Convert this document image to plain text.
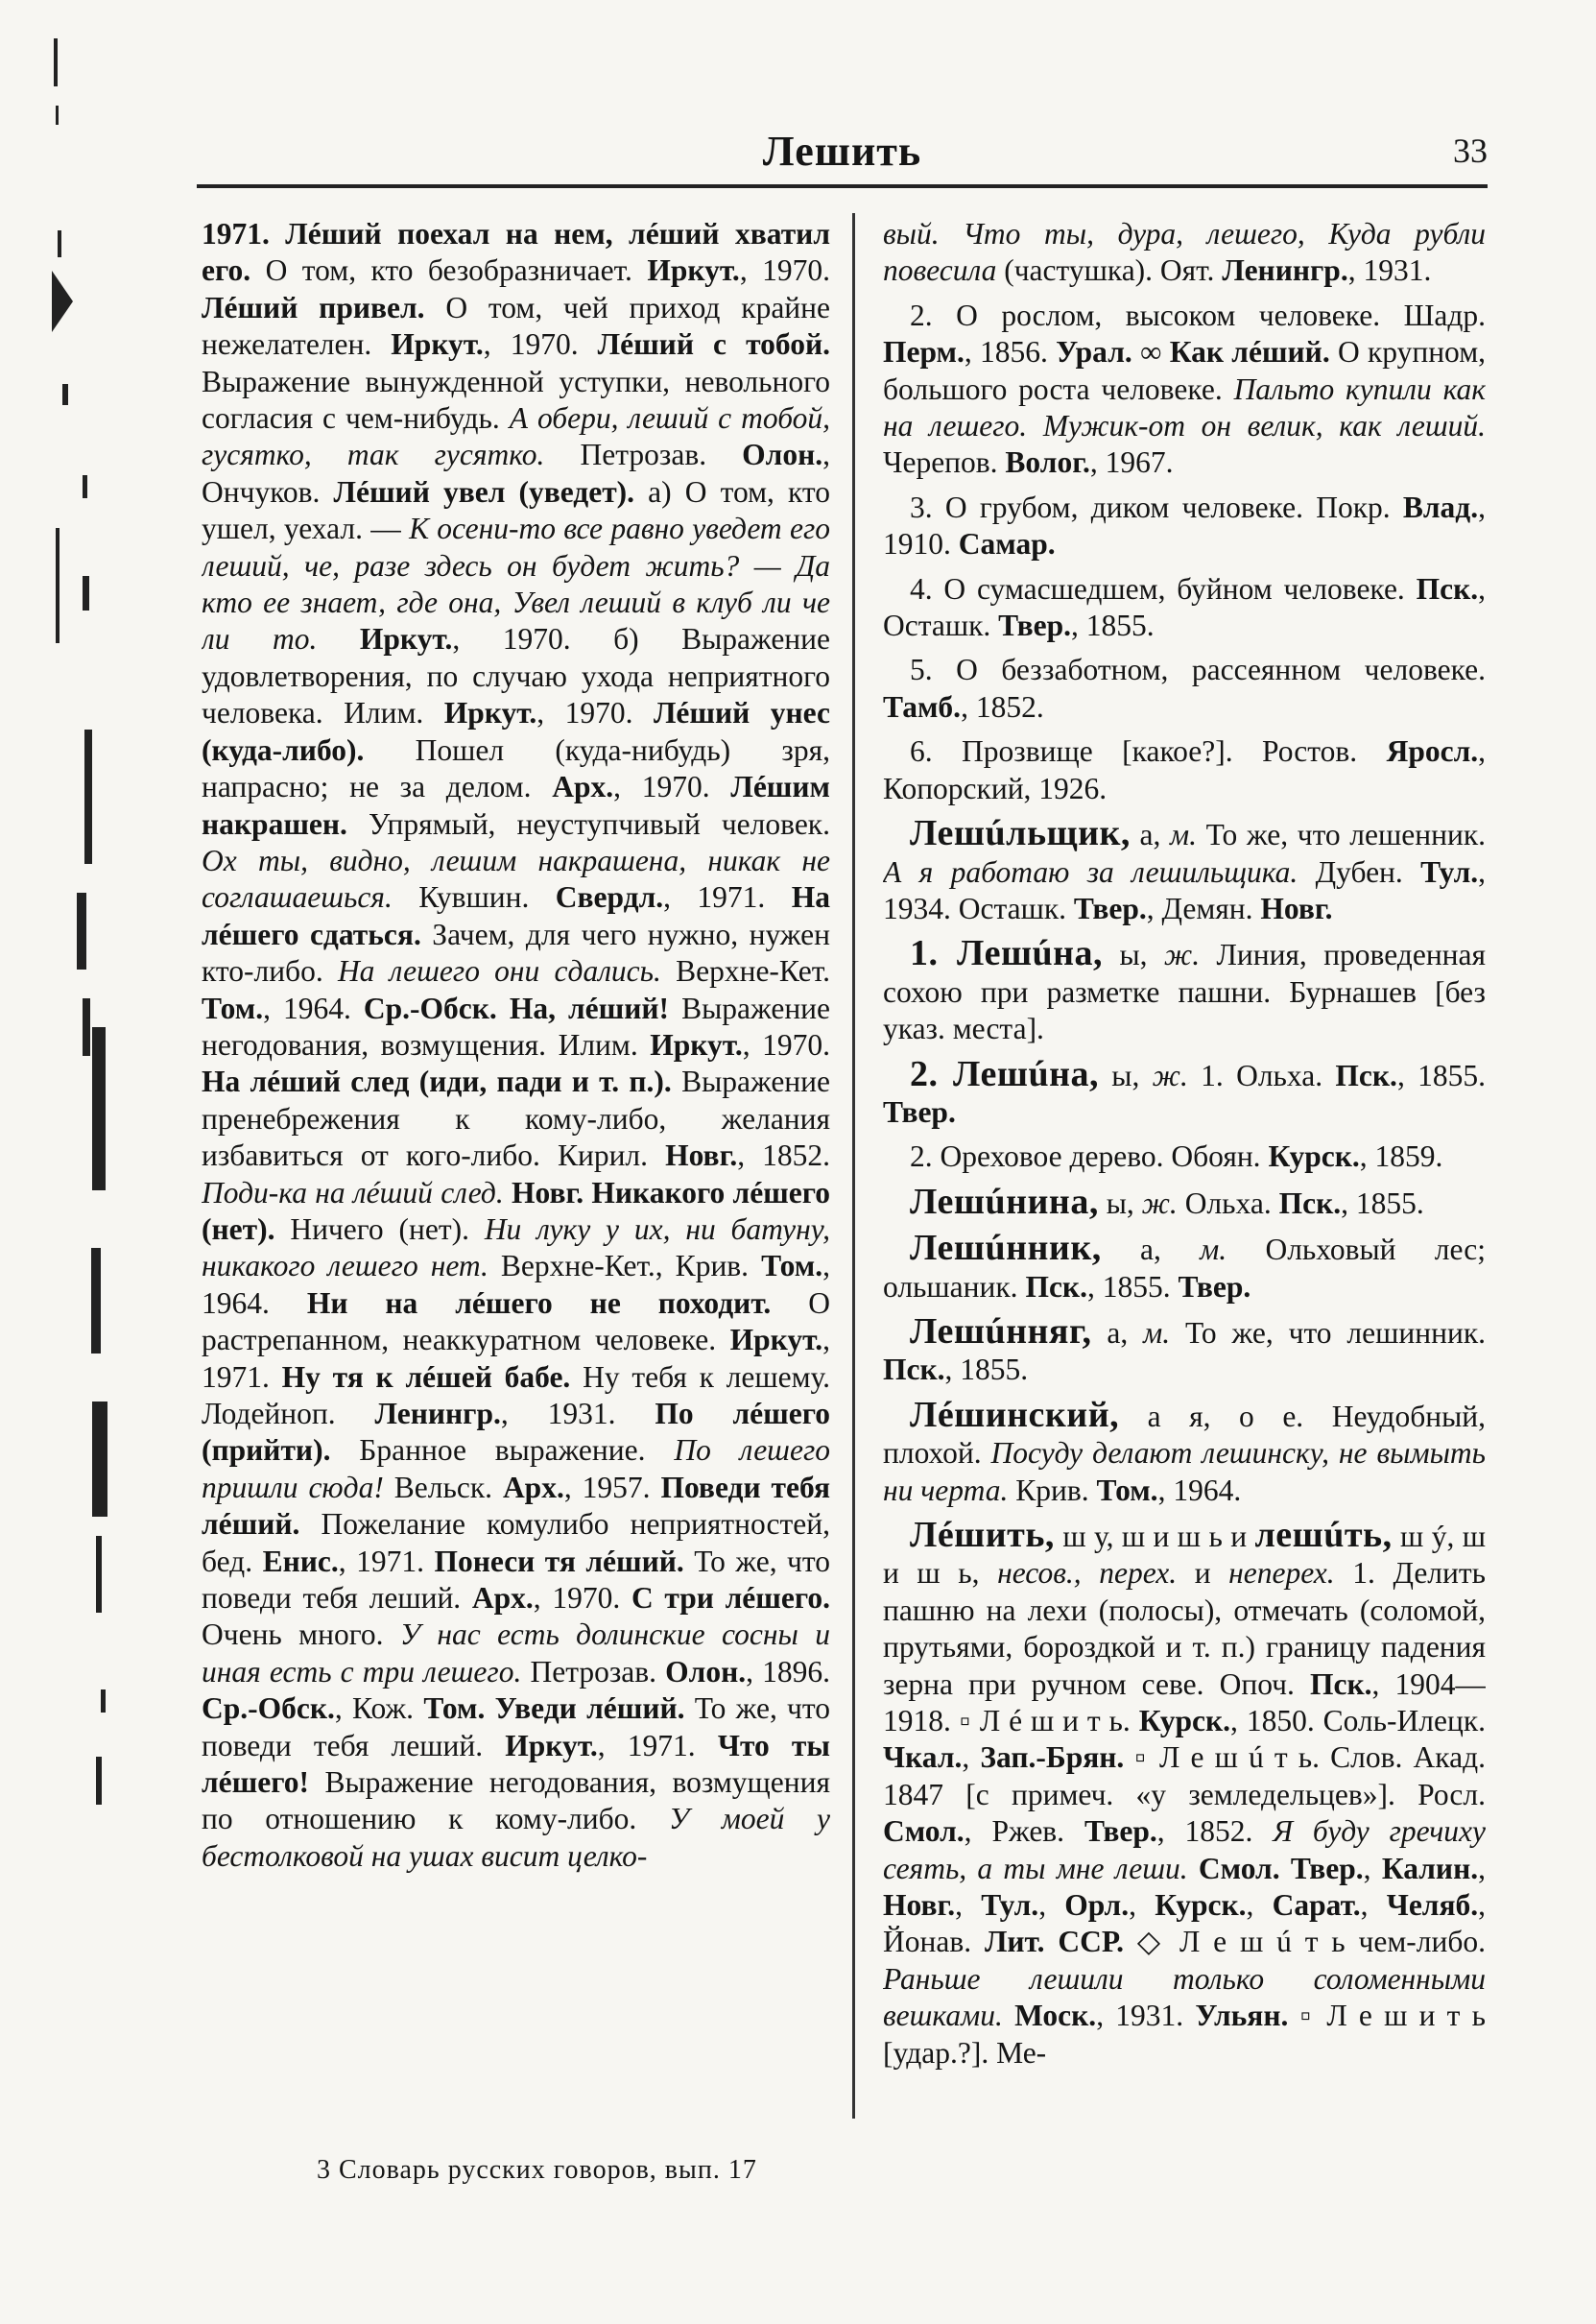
Лешить	33

1971. Лéший поехал на нем, лéший хватил его. О том, кто безобразничает. Иркут., 1970. Лéший привел. О том, чей приход крайне нежелателен. Иркут., 1970. Лéший с тобой. Выражение вынужденной уступки, невольного согласия с чем-нибудь. А обери, леший с тобой, гусятко, так гусятко. Петрозав. Олон., Ончуков. Лéший увел (уведет). а) О том, кто ушел, уехал. — К осени-то все равно уведет его леший, че, разе здесь он будет жить? — Да кто ее знает, где она, Увел леший в клуб ли че ли то. Иркут., 1970. б) Выражение удовлетворения, по случаю ухода неприятного человека. Илим. Иркут., 1970. Лéший унес (куда-либо). Пошел (куда-нибудь) зря, напрасно; не за делом. Арх., 1970. Лéшим накрашен. Упрямый, неуступчивый человек. Ох ты, видно, лешим накрашена, никак не соглашаешься. Кувшин. Свердл., 1971. На лéшего сдаться. Зачем, для чего нужно, нужен кто-либо. На лешего они сдались. Верхне-Кет. Том., 1964. Ср.-Обск. На, лéший! Выражение негодования, возмущения. Илим. Иркут., 1970. На лéший след (иди, пади и т. п.). Выражение пренебрежения к кому-либо, желания избавиться от кого-либо. Кирил. Новг., 1852. Поди-ка на лéший след. Новг. Никакого лéшего (нет). Ничего (нет). Ни луку у их, ни батуну, никакого лешего нет. Верхне-Кет., Крив. Том., 1964. Ни на лéшего не походит. О растрепанном, неаккуратном человеке. Иркут., 1971. Ну тя к лéшей бабе. Ну тебя к лешему. Лодейноп. Ленингр., 1931. По лéшего (прийти). Бранное выражение. По лешего пришли сюда! Вельск. Арх., 1957. Поведи тебя лéший. Пожелание комулибо неприятностей, бед. Енис., 1971. Понеси тя лéший. То же, что поведи тебя леший. Арх., 1970. С три лéшего. Очень много. У нас есть долинские сосны и иная есть с три лешего. Петрозав. Олон., 1896. Ср.-Обск., Кож. Том. Уведи лéший. То же, что поведи тебя леший. Иркут., 1971. Что ты лéшего! Выражение негодования, возмущения по отношению к кому-либо. У моей у бестолковой на ушах висит целко-

вый. Что ты, дура, лешего, Куда рубли повесила (частушка). Оят. Ленингр., 1931.

2. О рослом, высоком человеке. Шадр. Перм., 1856. Урал. ∞ Как лéший. О крупном, большого роста человеке. Пальто купили как на лешего. Мужик-от он велик, как леший. Черепов. Волог., 1967.

3. О грубом, диком человеке. Покр. Влад., 1910. Самар.

4. О сумасшедшем, буйном человеке. Пск., Осташк. Твер., 1855.

5. О беззаботном, рассеянном человеке. Тамб., 1852.

6. Прозвище [какое?]. Ростов. Яросл., Копорский, 1926.

Лешúльщик, а, м. То же, что лешенник. А я работаю за лешильщика. Дубен. Тул., 1934. Осташк. Твер., Демян. Новг.

1. Лешúна, ы, ж. Линия, проведенная сохою при разметке пашни. Бурнашев [без указ. места].

2. Лешúна, ы, ж. 1. Ольха. Пск., 1855. Твер.

2. Ореховое дерево. Обоян. Курск., 1859.

Лешúнина, ы, ж. Ольха. Пск., 1855.

Лешúнник, а, м. Ольховый лес; ольшаник. Пск., 1855. Твер.

Лешúнняг, а, м. То же, что лешинник. Пск., 1855.

Лéшинский, а я, о е. Неудобный, плохой. Посуду делают лешинску, не вымыть ни черта. Крив. Том., 1964.

Лéшить, ш у, ш и ш ь и лешúть, ш ý, ш и ш ь, несов., перех. и неперех. 1. Делить пашню на лехи (полосы), отмечать (соломой, прутьями, бороздкой и т. п.) границу падения зерна при ручном севе. Опоч. Пск., 1904—1918. ▫ Л é ш и т ь. Курск., 1850. Соль-Илецк. Чкал., Зап.-Брян. ▫ Л е ш ú т ь. Слов. Акад. 1847 [с примеч. «у земледельцев»]. Росл. Смол., Ржев. Твер., 1852. Я буду гречиху сеять, а ты мне леши. Смол. Твер., Калин., Новг., Тул., Орл., Курск., Сарат., Челяб., Йонав. Лит. ССР. ◇ Л е ш ú т ь чем-либо. Раньше лешили только соломенными вешками. Моск., 1931. Ульян. ▫ Л е ш и т ь [удар.?]. Ме-

3 Словарь русских говоров, вып. 17
